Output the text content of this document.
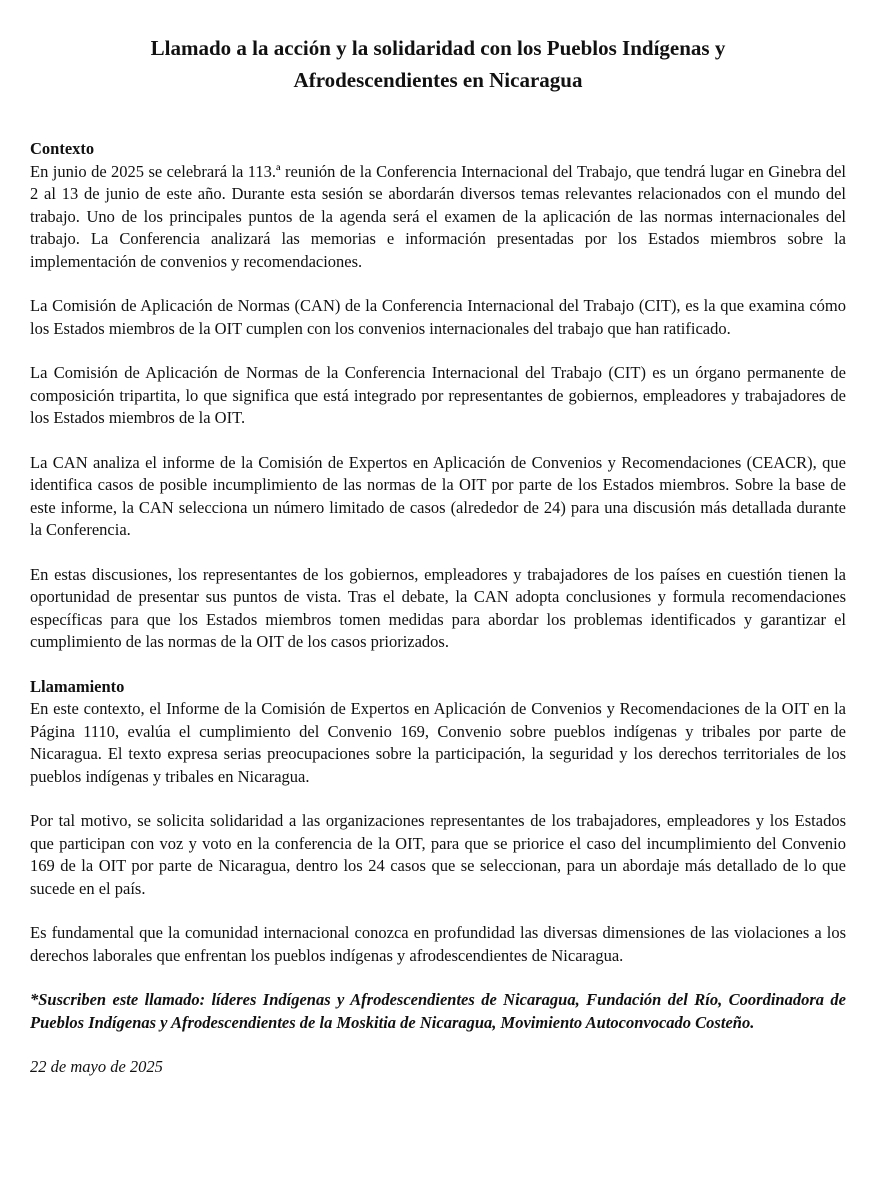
Llamado a la acción y la solidaridad con los Pueblos Indígenas y
Afrodescendientes en Nicaragua
Contexto

En junio de 2025 se celebrará la 113.ª reunión de la Conferencia Internacional del Trabajo, que tendrá lugar en Ginebra del 2 al 13 de junio de este año. Durante esta sesión se abordarán diversos temas relevantes relacionados con el mundo del trabajo. Uno de los principales puntos de la agenda será el examen de la aplicación de las normas internacionales del trabajo. La Conferencia analizará las memorias e información presentadas por los Estados miembros sobre la implementación de convenios y recomendaciones.

La Comisión de Aplicación de Normas (CAN) de la Conferencia Internacional del Trabajo (CIT), es la que examina cómo los Estados miembros de la OIT cumplen con los convenios internacionales del trabajo que han ratificado.

La Comisión de Aplicación de Normas de la Conferencia Internacional del Trabajo (CIT) es un órgano permanente de composición tripartita, lo que significa que está integrado por representantes de gobiernos, empleadores y trabajadores de los Estados miembros de la OIT.

La CAN analiza el informe de la Comisión de Expertos en Aplicación de Convenios y Recomendaciones (CEACR), que identifica casos de posible incumplimiento de las normas de la OIT por parte de los Estados miembros. Sobre la base de este informe, la CAN selecciona un número limitado de casos (alrededor de 24) para una discusión más detallada durante la Conferencia.

En estas discusiones, los representantes de los gobiernos, empleadores y trabajadores de los países en cuestión tienen la oportunidad de presentar sus puntos de vista. Tras el debate, la CAN adopta conclusiones y formula recomendaciones específicas para que los Estados miembros tomen medidas para abordar los problemas identificados y garantizar el cumplimiento de las normas de la OIT de los casos priorizados.

Llamamiento

En este contexto, el Informe de la Comisión de Expertos en Aplicación de Convenios y Recomendaciones de la OIT en la Página 1110, evalúa el cumplimiento del Convenio 169, Convenio sobre pueblos indígenas y tribales por parte de Nicaragua. El texto expresa serias preocupaciones sobre la participación, la seguridad y los derechos territoriales de los pueblos indígenas y tribales en Nicaragua.

Por tal motivo, se solicita solidaridad a las organizaciones representantes de los trabajadores, empleadores y los Estados que participan con voz y voto en la conferencia de la OIT, para que se priorice el caso del incumplimiento del Convenio 169 de la OIT por parte de Nicaragua, dentro los 24 casos que se seleccionan, para un abordaje más detallado de lo que sucede en el país.

Es fundamental que la comunidad internacional conozca en profundidad las diversas dimensiones de las violaciones a los derechos laborales que enfrentan los pueblos indígenas y afrodescendientes de Nicaragua.

*Suscriben este llamado: líderes Indígenas y Afrodescendientes de Nicaragua, Fundación del Río, Coordinadora de Pueblos Indígenas y Afrodescendientes de la Moskitia de Nicaragua, Movimiento Autoconvocado Costeño.

22 de mayo de 2025
